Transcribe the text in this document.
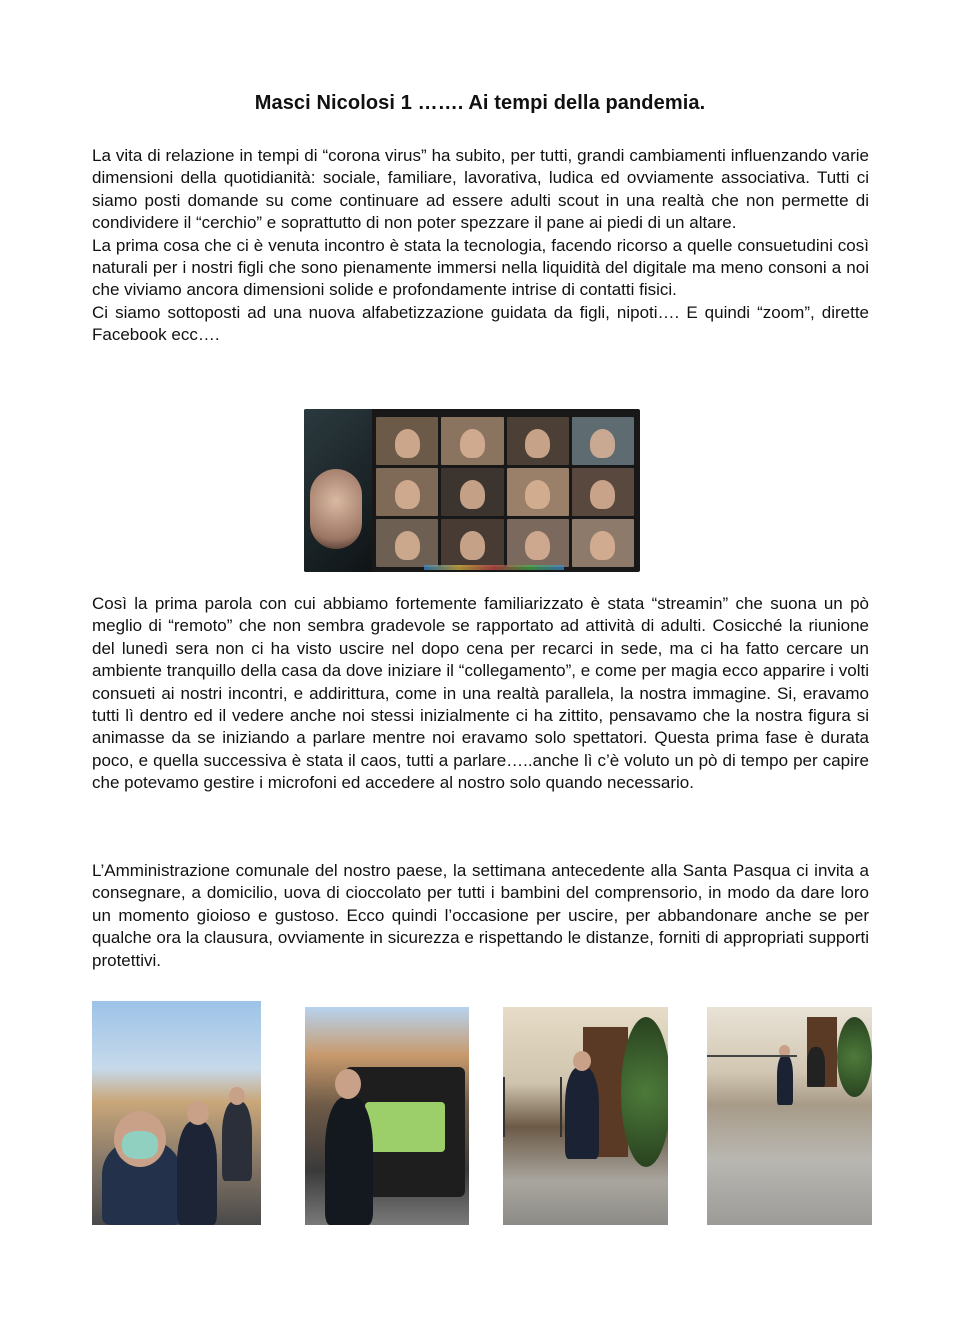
Masci Nicolosi 1 ……. Ai tempi della pandemia.
La vita di relazione in tempi di “corona virus” ha subito, per tutti, grandi cambiamenti influenzando varie dimensioni della quotidianità: sociale, familiare, lavorativa, ludica ed ovviamente associativa. Tutti ci siamo posti domande su come continuare ad essere adulti scout in una realtà che non permette di condividere il “cerchio” e soprattutto di non poter spezzare il pane ai piedi di un altare.
La prima cosa che ci è venuta incontro è stata la tecnologia, facendo ricorso a quelle consuetudini così naturali per i nostri figli che sono pienamente immersi nella liquidità del digitale ma meno consoni a noi che viviamo ancora dimensioni solide e profondamente intrise di contatti fisici.
Ci siamo sottoposti ad una nuova alfabetizzazione guidata da figli, nipoti…. E quindi “zoom”, dirette Facebook ecc….

Così la prima parola con cui abbiamo fortemente familiarizzato è stata “streamin” che suona un pò meglio di “remoto” che non sembra gradevole se rapportato ad attività di adulti. Cosicché la riunione del lunedì sera non ci ha visto uscire nel dopo cena per recarci in sede, ma ci ha fatto cercare un ambiente tranquillo della casa da dove iniziare il “collegamento”, e come per magia ecco apparire i volti consueti ai nostri incontri, e addirittura, come in una realtà parallela, la nostra immagine. Si, eravamo tutti lì dentro ed il vedere anche noi stessi inizialmente ci ha zittito, pensavamo che la nostra figura si animasse da se iniziando a parlare mentre noi eravamo solo spettatori. Questa prima fase è durata poco, e quella successiva è stata il caos, tutti a parlare…..anche lì c’è voluto un pò di tempo per capire che potevamo gestire i microfoni ed accedere al nostro solo quando necessario.

L’Amministrazione comunale del nostro paese, la settimana antecedente alla Santa Pasqua ci invita a consegnare, a domicilio, uova di cioccolato per tutti i bambini del comprensorio, in modo da dare loro un momento gioioso e gustoso. Ecco quindi l’occasione per uscire, per abbandonare anche se per qualche ora la clausura, ovviamente in sicurezza e rispettando le distanze, forniti di appropriati supporti protettivi.
